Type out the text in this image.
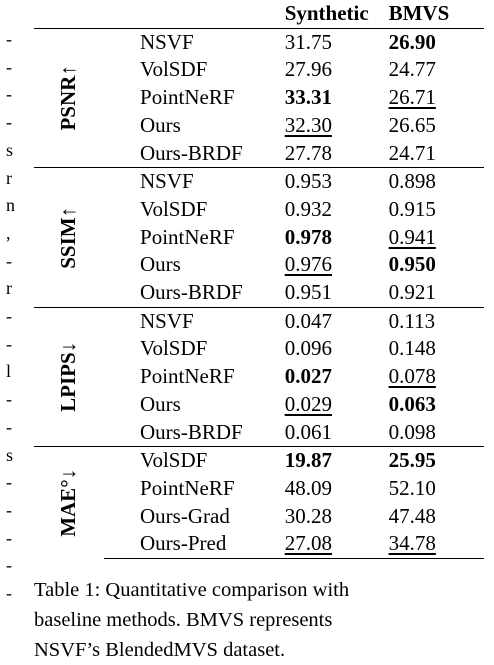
-
-
-
-
s
r
n
,
-
r
-
-
l
-
-
s
-
-
-
-
-
		Synthetic	BMVS
PSNR↑	NSVF	31.75	26.90
	VolSDF	27.96	24.77
	PointNeRF	33.31	26.71
	Ours	32.30	26.65
	Ours-BRDF	27.78	24.71
SSIM↑	NSVF	0.953	0.898
	VolSDF	0.932	0.915
	PointNeRF	0.978	0.941
	Ours	0.976	0.950
	Ours-BRDF	0.951	0.921
LPIPS↓	NSVF	0.047	0.113
	VolSDF	0.096	0.148
	PointNeRF	0.027	0.078
	Ours	0.029	0.063
	Ours-BRDF	0.061	0.098
MAE°↓	VolSDF	19.87	25.95
	PointNeRF	48.09	52.10
	Ours-Grad	30.28	47.48
	Ours-Pred	27.08	34.78
Table 1: Quantitative comparison with
baseline methods. BMVS represents
NSVF’s BlendedMVS dataset.
